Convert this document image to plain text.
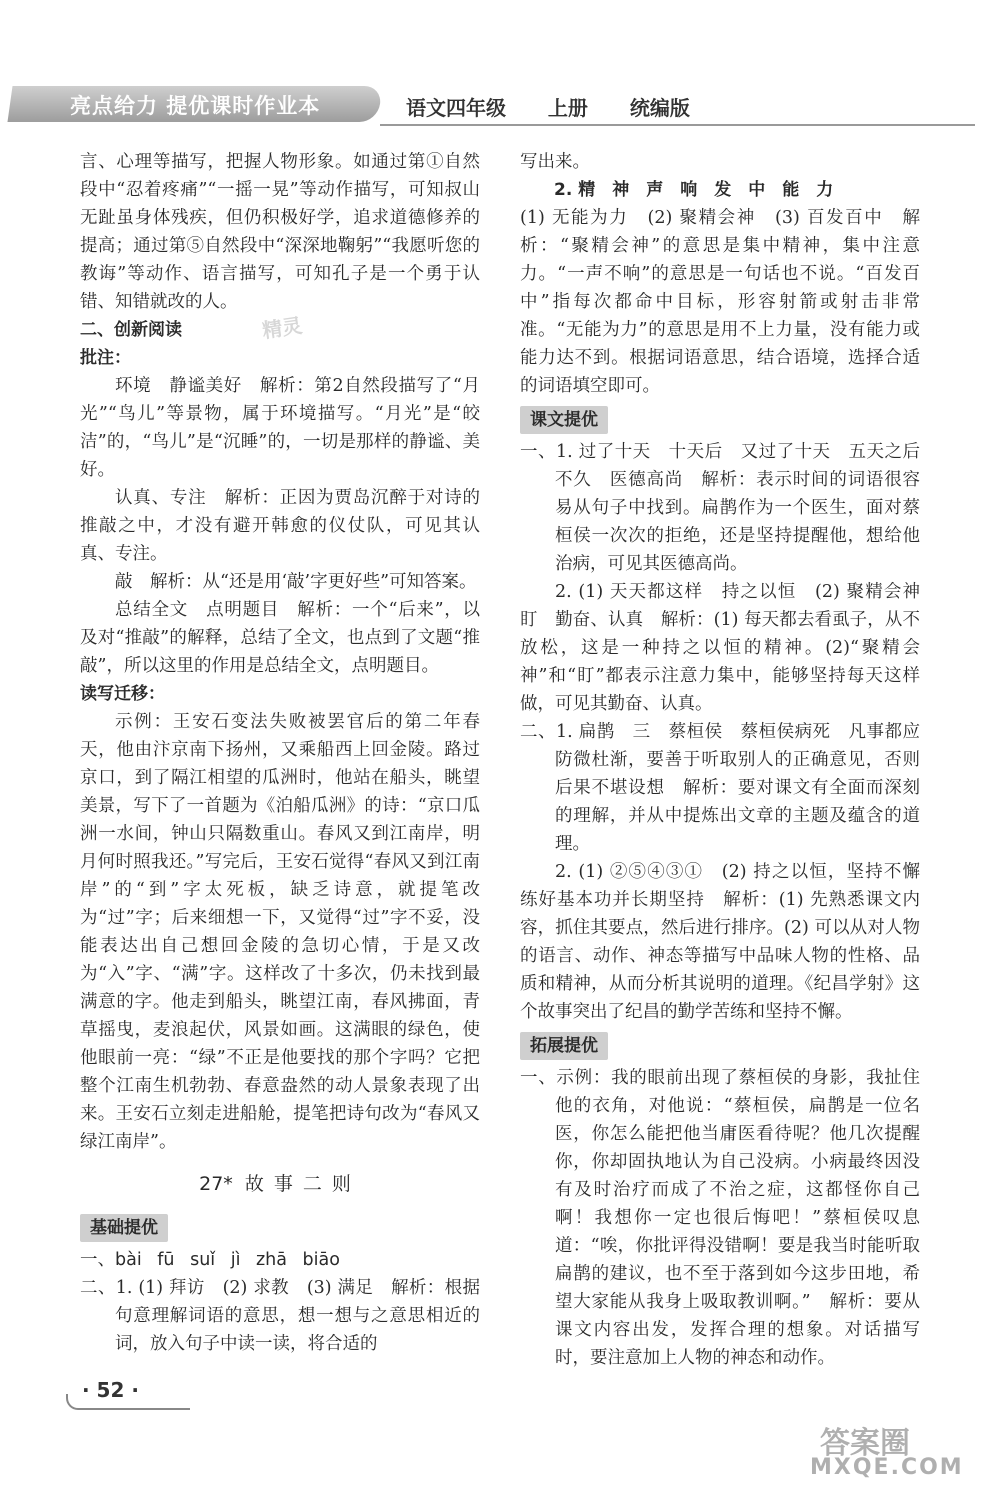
亮点给力 提优课时作业本	语文四年级  上册  统编版

言、心理等描写，把握人物形象。如通过第①自然段中“忍着疼痛”“一摇一晃”等动作描写，可知叔山无趾虽身体残疾，但仍积极好学，追求道德修养的提高；通过第⑤自然段中“深深地鞠躬”“我愿听您的教诲”等动作、语言描写，可知孔子是一个勇于认错、知错就改的人。

二、创新阅读

批注：

环境　静谧美好　解析：第2自然段描写了“月光”“鸟儿”等景物，属于环境描写。“月光”是“皎洁”的，“鸟儿”是“沉睡”的，一切是那样的静谧、美好。

认真、专注　解析：正因为贾岛沉醉于对诗的推敲之中，才没有避开韩愈的仪仗队，可见其认真、专注。

敲　解析：从“还是用‘敲’字更好些”可知答案。

总结全文　点明题目　解析：一个“后来”，以及对“推敲”的解释，总结了全文，也点到了文题“推敲”，所以这里的作用是总结全文，点明题目。

读写迁移：

示例：王安石变法失败被罢官后的第二年春天，他由汴京南下扬州，又乘船西上回金陵。路过京口，到了隔江相望的瓜洲时，他站在船头，眺望美景，写下了一首题为《泊船瓜洲》的诗：“京口瓜洲一水间，钟山只隔数重山。春风又到江南岸，明月何时照我还。”写完后，王安石觉得“春风又到江南岸”的“到”字太死板，缺乏诗意，就提笔改为“过”字；后来细想一下，又觉得“过”字不妥，没能表达出自己想回金陵的急切心情，于是又改为“入”字、“满”字。这样改了十多次，仍未找到最满意的字。他走到船头，眺望江南，春风拂面，青草摇曳，麦浪起伏，风景如画。这满眼的绿色，使他眼前一亮：“绿”不正是他要找的那个字吗？它把整个江南生机勃勃、春意盎然的动人景象表现了出来。王安石立刻走进船舱，提笔把诗句改为“春风又绿江南岸”。

27* 故事二则
基础提优

一、bài fū suǐ jì zhā biāo

二、1. (1) 拜访　(2) 求教　(3) 满足　解析：根据句意理解词语的意思，想一想与之意思相近的词，放入句子中读一读，将合适的

写出来。

2. 精　神　声　响　发　中　能　力

(1) 无能为力　(2) 聚精会神　(3) 百发百中　解析：“聚精会神”的意思是集中精神，集中注意力。“一声不响”的意思是一句话也不说。“百发百中”指每次都命中目标，形容射箭或射击非常准。“无能为力”的意思是用不上力量，没有能力或能力达不到。根据词语意思，结合语境，选择合适的词语填空即可。

课文提优

一、1. 过了十天　十天后　又过了十天　五天之后　不久　医德高尚　解析：表示时间的词语很容易从句子中找到。扁鹊作为一个医生，面对蔡桓侯一次次的拒绝，还是坚持提醒他，想给他治病，可见其医德高尚。

2. (1) 天天都这样　持之以恒　(2) 聚精会神　盯　勤奋、认真　解析：(1) 每天都去看虱子，从不放松，这是一种持之以恒的精神。(2)“聚精会神”和“盯”都表示注意力集中，能够坚持每天这样做，可见其勤奋、认真。

二、1. 扁鹊　三　蔡桓侯　蔡桓侯病死　凡事都应防微杜渐，要善于听取别人的正确意见，否则后果不堪设想　解析：要对课文有全面而深刻的理解，并从中提炼出文章的主题及蕴含的道理。

2. (1) ②⑤④③①　(2) 持之以恒，坚持不懈　练好基本功并长期坚持　解析：(1) 先熟悉课文内容，抓住其要点，然后进行排序。(2) 可以从对人物的语言、动作、神态等描写中品味人物的性格、品质和精神，从而分析其说明的道理。《纪昌学射》这个故事突出了纪昌的勤学苦练和坚持不懈。

拓展提优

一、示例：我的眼前出现了蔡桓侯的身影，我扯住他的衣角，对他说：“蔡桓侯，扁鹊是一位名医，你怎么能把他当庸医看待呢？他几次提醒你，你却固执地认为自己没病。小病最终因没有及时治疗而成了不治之症，这都怪你自己啊！我想你一定也很后悔吧！”蔡桓侯叹息道：“唉，你批评得没错啊！要是我当时能听取扁鹊的建议，也不至于落到如今这步田地，希望大家能从我身上吸取教训啊。”　解析：要从课文内容出发，发挥合理的想象。对话描写时，要注意加上人物的神态和动作。

· 52 ·
精灵
答案圈
MXQE.COM
